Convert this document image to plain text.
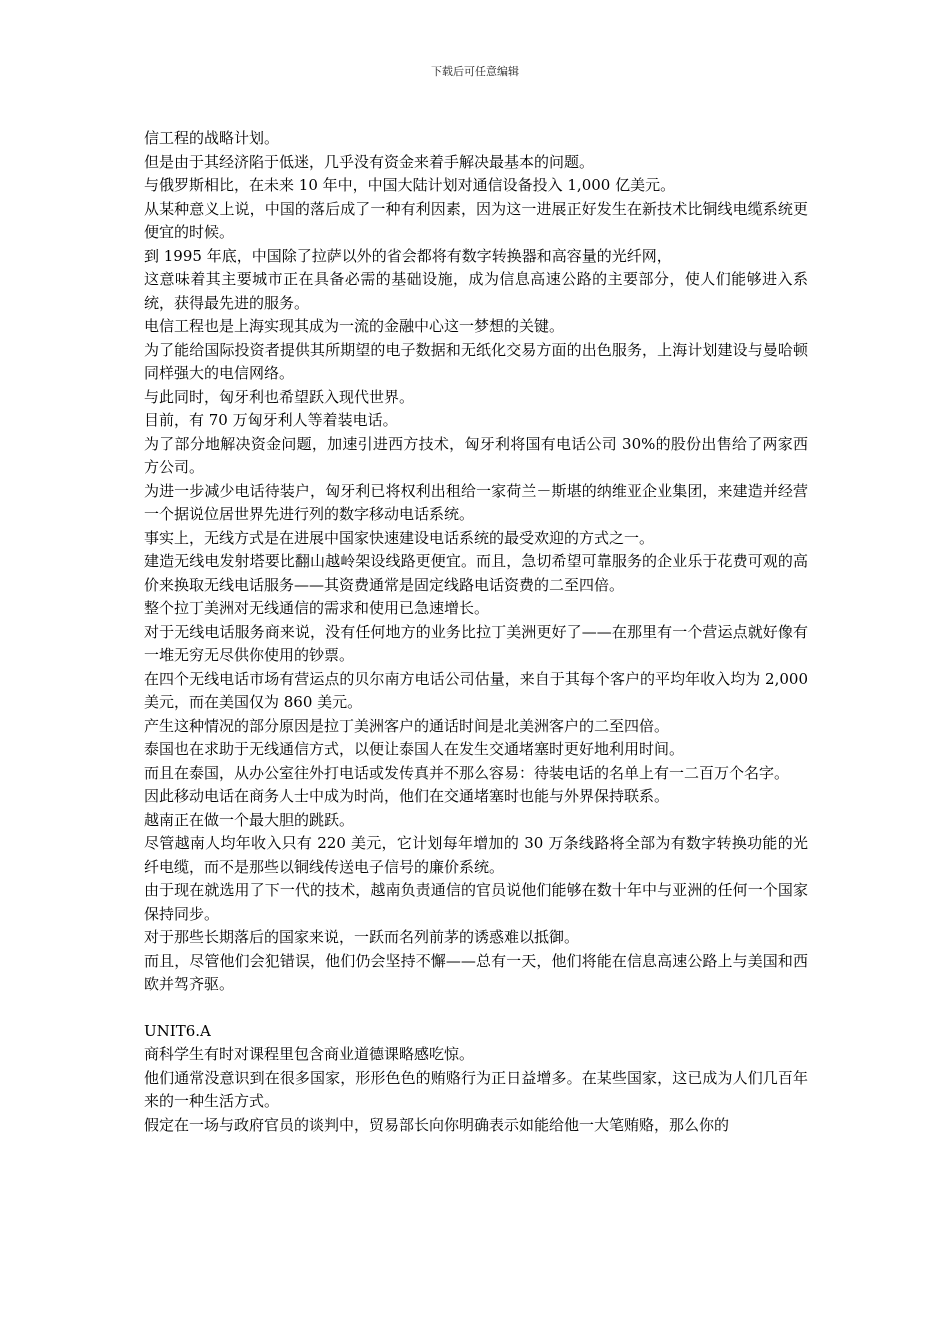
下载后可任意编辑

信工程的战略计划。

但是由于其经济陷于低迷，几乎没有资金来着手解决最基本的问题。

与俄罗斯相比，在未来 10 年中，中国大陆计划对通信设备投入 1,000 亿美元。

从某种意义上说，中国的落后成了一种有利因素，因为这一进展正好发生在新技术比铜线电缆系统更便宜的时候。

到 1995 年底，中国除了拉萨以外的省会都将有数字转换器和高容量的光纤网，

这意味着其主要城市正在具备必需的基础设施，成为信息高速公路的主要部分，使人们能够进入系统，获得最先进的服务。

电信工程也是上海实现其成为一流的金融中心这一梦想的关键。

为了能给国际投资者提供其所期望的电子数据和无纸化交易方面的出色服务，上海计划建设与曼哈顿同样强大的电信网络。

与此同时，匈牙利也希望跃入现代世界。

目前，有 70 万匈牙利人等着装电话。

为了部分地解决资金问题，加速引进西方技术，匈牙利将国有电话公司 30%的股份出售给了两家西方公司。

为进一步减少电话待装户，匈牙利已将权利出租给一家荷兰－斯堪的纳维亚企业集团，来建造并经营一个据说位居世界先进行列的数字移动电话系统。

事实上，无线方式是在进展中国家快速建设电话系统的最受欢迎的方式之一。

建造无线电发射塔要比翻山越岭架设线路更便宜。而且，急切希望可靠服务的企业乐于花费可观的高价来换取无线电话服务——其资费通常是固定线路电话资费的二至四倍。

整个拉丁美洲对无线通信的需求和使用已急速增长。

对于无线电话服务商来说，没有任何地方的业务比拉丁美洲更好了——在那里有一个营运点就好像有一堆无穷无尽供你使用的钞票。

在四个无线电话市场有营运点的贝尔南方电话公司估量，来自于其每个客户的平均年收入均为 2,000 美元，而在美国仅为 860 美元。

产生这种情况的部分原因是拉丁美洲客户的通话时间是北美洲客户的二至四倍。

泰国也在求助于无线通信方式，以便让泰国人在发生交通堵塞时更好地利用时间。

而且在泰国，从办公室往外打电话或发传真并不那么容易：待装电话的名单上有一二百万个名字。

因此移动电话在商务人士中成为时尚，他们在交通堵塞时也能与外界保持联系。

越南正在做一个最大胆的跳跃。

尽管越南人均年收入只有 220 美元，它计划每年增加的 30 万条线路将全部为有数字转换功能的光纤电缆，而不是那些以铜线传送电子信号的廉价系统。

由于现在就选用了下一代的技术，越南负责通信的官员说他们能够在数十年中与亚洲的任何一个国家保持同步。

对于那些长期落后的国家来说，一跃而名列前茅的诱惑难以抵御。

而且，尽管他们会犯错误，他们仍会坚持不懈——总有一天，他们将能在信息高速公路上与美国和西欧并驾齐驱。

UNIT6.A

商科学生有时对课程里包含商业道德课略感吃惊。

他们通常没意识到在很多国家，形形色色的贿赂行为正日益增多。在某些国家，这已成为人们几百年来的一种生活方式。

假定在一场与政府官员的谈判中，贸易部长向你明确表示如能给他一大笔贿赂，那么你的
